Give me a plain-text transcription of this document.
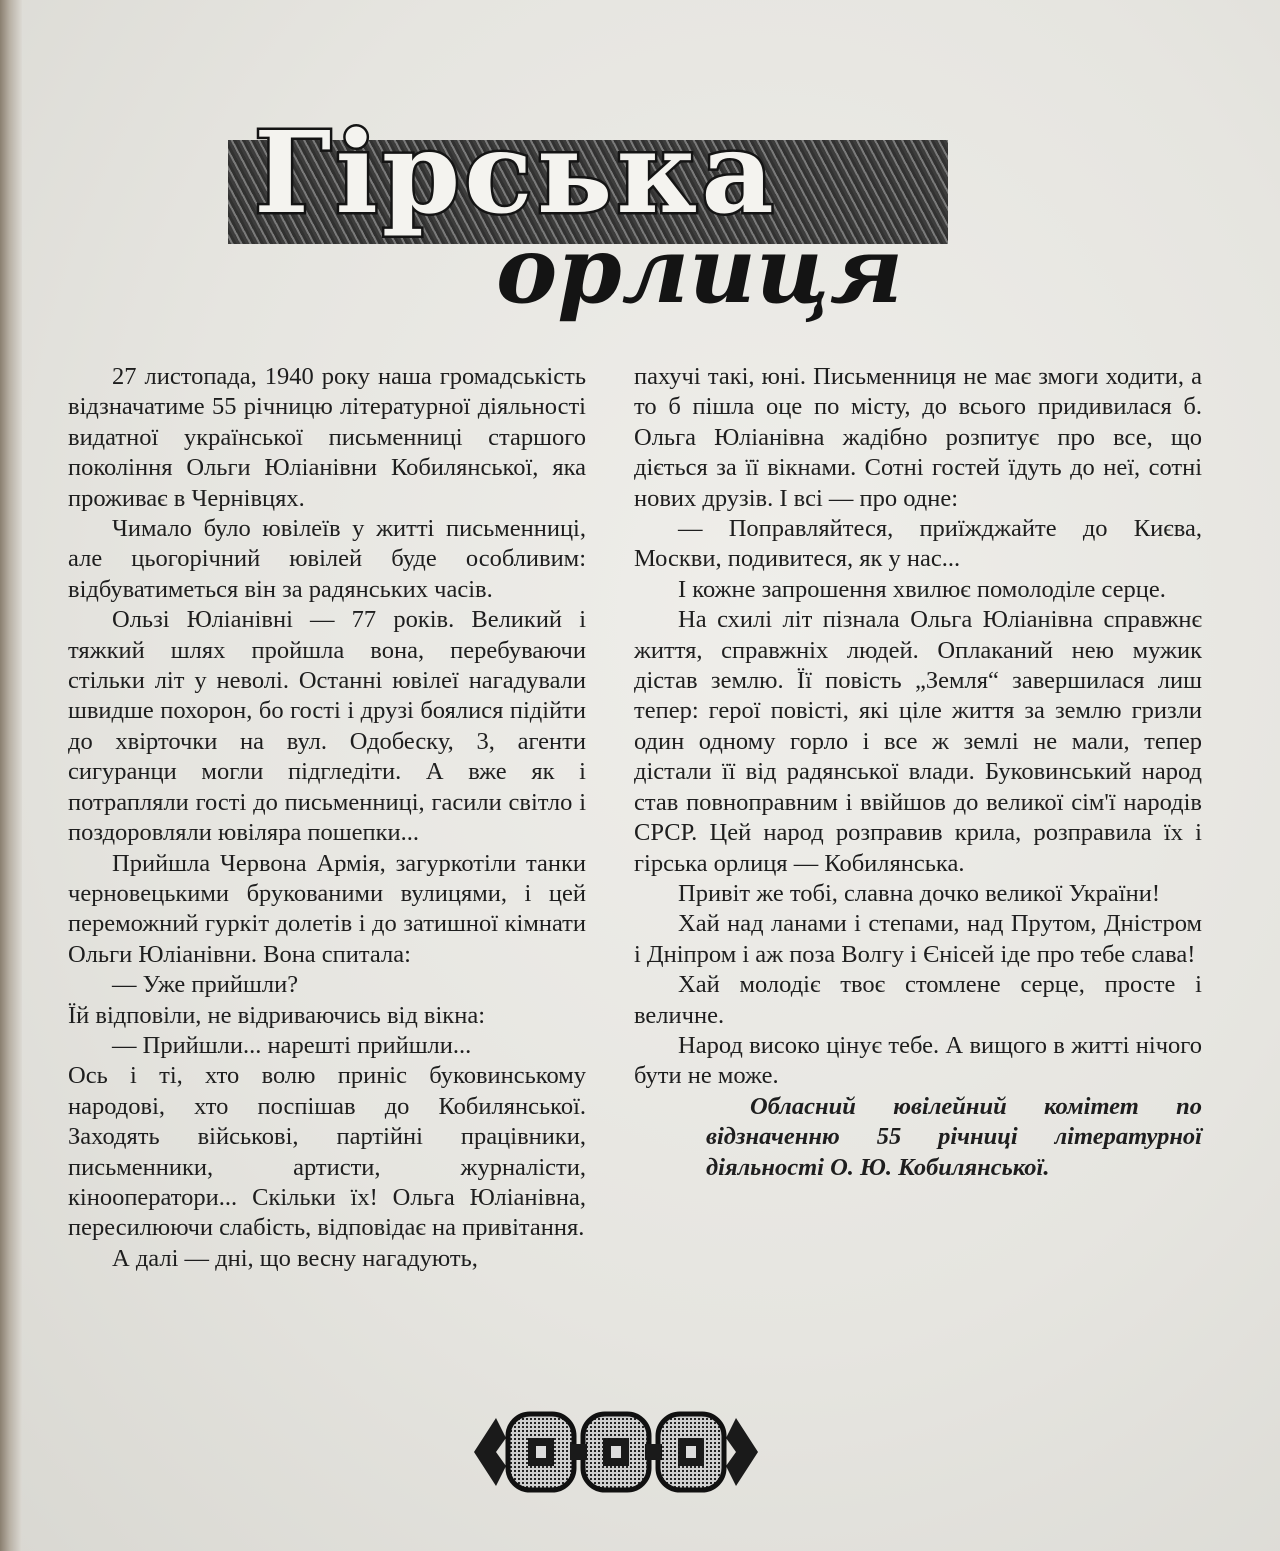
Гірська
орлиця

27 листопада, 1940 року наша громадськість відзначатиме 55 річницю літературної діяльності видатної української письменниці старшого покоління Ольги Юліанівни Кобилянської, яка проживає в Чернівцях.

Чимало було ювілеїв у житті письменниці, але цьогорічний ювілей буде особливим: відбуватиметься він за радянських часів.

Ользі Юліанівні — 77 років. Великий і тяжкий шлях пройшла вона, перебуваючи стільки літ у неволі. Останні ювілеї нагадували швидше похорон, бо гості і друзі боялися підійти до хвірточки на вул. Одобеску, 3, агенти сигуранци могли підгледіти. А вже як і потрапляли гості до письменниці, гасили світло і поздоровляли ювіляра пошепки...

Прийшла Червона Армія, загуркотіли танки черновецькими брукованими вулицями, і цей переможний гуркіт долетів і до затишної кімнати Ольги Юліанівни. Вона спитала:

— Уже прийшли?

Їй відповіли, не відриваючись від вікна:

— Прийшли... нарешті прийшли...

Ось і ті, хто волю приніс буковинському народові, хто поспішав до Кобилянської. Заходять військові, партійні працівники, письменники, артисти, журналісти, кінооператори... Скільки їх! Ольга Юліанівна, пересилюючи слабість, відповідає на привітання.

А далі — дні, що весну нагадують,

пахучі такі, юні. Письменниця не має змоги ходити, а то б пішла оце по місту, до всього придивилася б. Ольга Юліанівна жадібно розпитує про все, що діється за її вікнами. Сотні гостей їдуть до неї, сотні нових друзів. І всі — про одне:

— Поправляйтеся, приїжджайте до Києва, Москви, подивитеся, як у нас...

І кожне запрошення хвилює помолоділе серце.

На схилі літ пізнала Ольга Юліанівна справжнє життя, справжніх людей. Оплаканий нею мужик дістав землю. Її повість „Земля“ завершилася лиш тепер: герої повісті, які ціле життя за землю гризли один одному горло і все ж землі не мали, тепер дістали її від радянської влади. Буковинський народ став повноправним і ввійшов до великої сім'ї народів СРСР. Цей народ розправив крила, розправила їх і гірська орлиця — Кобилянська.

Привіт же тобі, славна дочко великої України!

Хай над ланами і степами, над Прутом, Дністром і Дніпром і аж поза Волгу і Єнісей іде про тебе слава!

Хай молодіє твоє стомлене серце, просте і величне.

Народ високо цінує тебе. А вищого в житті нічого бути не може.

Обласний ювілейний комітет по відзначенню 55 річниці літературної діяльності О. Ю. Кобилянської.
